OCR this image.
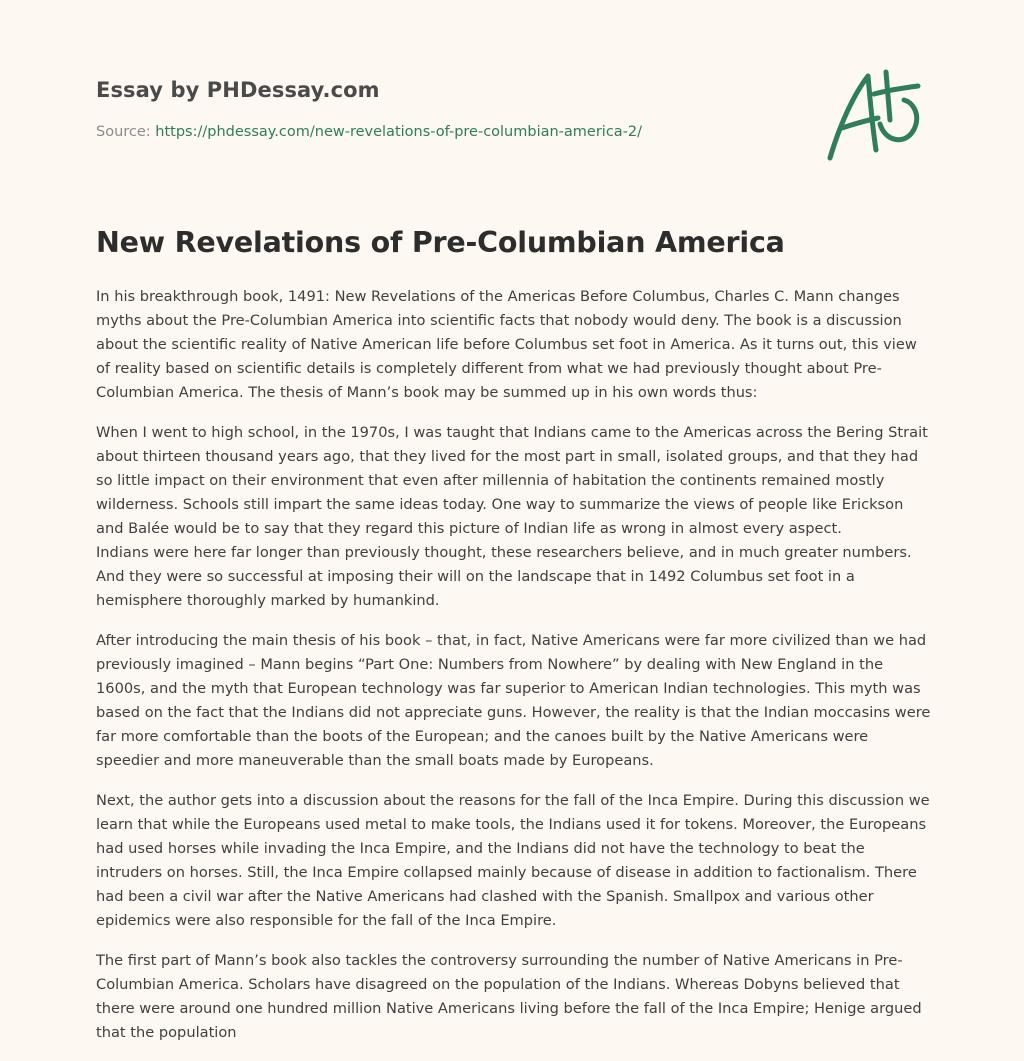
Essay by PHDessay.com
Source: https://phdessay.com/new-revelations-of-pre-columbian-america-2/
New Revelations of Pre-Columbian America

In his breakthrough book, 1491: New Revelations of the Americas Before Columbus, Charles C. Mann changes myths about the Pre-Columbian America into scientific facts that nobody would deny. The book is a discussion about the scientific reality of Native American life before Columbus set foot in America. As it turns out, this view of reality based on scientific details is completely different from what we had previously thought about Pre-Columbian America. The thesis of Mann’s book may be summed up in his own words thus:

When I went to high school, in the 1970s, I was taught that Indians came to the Americas across the Bering Strait about thirteen thousand years ago, that they lived for the most part in small, isolated groups, and that they had so little impact on their environment that even after millennia of habitation the continents remained mostly wilderness. Schools still impart the same ideas today. One way to summarize the views of people like Erickson and Balée would be to say that they regard this picture of Indian life as wrong in almost every aspect.
Indians were here far longer than previously thought, these researchers believe, and in much greater numbers. And they were so successful at imposing their will on the landscape that in 1492 Columbus set foot in a hemisphere thoroughly marked by humankind.

After introducing the main thesis of his book – that, in fact, Native Americans were far more civilized than we had previously imagined – Mann begins “Part One: Numbers from Nowhere” by dealing with New England in the 1600s, and the myth that European technology was far superior to American Indian technologies. This myth was based on the fact that the Indians did not appreciate guns. However, the reality is that the Indian moccasins were far more comfortable than the boots of the European; and the canoes built by the Native Americans were speedier and more maneuverable than the small boats made by Europeans.

Next, the author gets into a discussion about the reasons for the fall of the Inca Empire. During this discussion we learn that while the Europeans used metal to make tools, the Indians used it for tokens. Moreover, the Europeans had used horses while invading the Inca Empire, and the Indians did not have the technology to beat the intruders on horses. Still, the Inca Empire collapsed mainly because of disease in addition to factionalism. There had been a civil war after the Native Americans had clashed with the Spanish. Smallpox and various other epidemics were also responsible for the fall of the Inca Empire.

The first part of Mann’s book also tackles the controversy surrounding the number of Native Americans in Pre-Columbian America. Scholars have disagreed on the population of the Indians. Whereas Dobyns believed that there were around one hundred million Native Americans living before the fall of the Inca Empire; Henige argued that the population
